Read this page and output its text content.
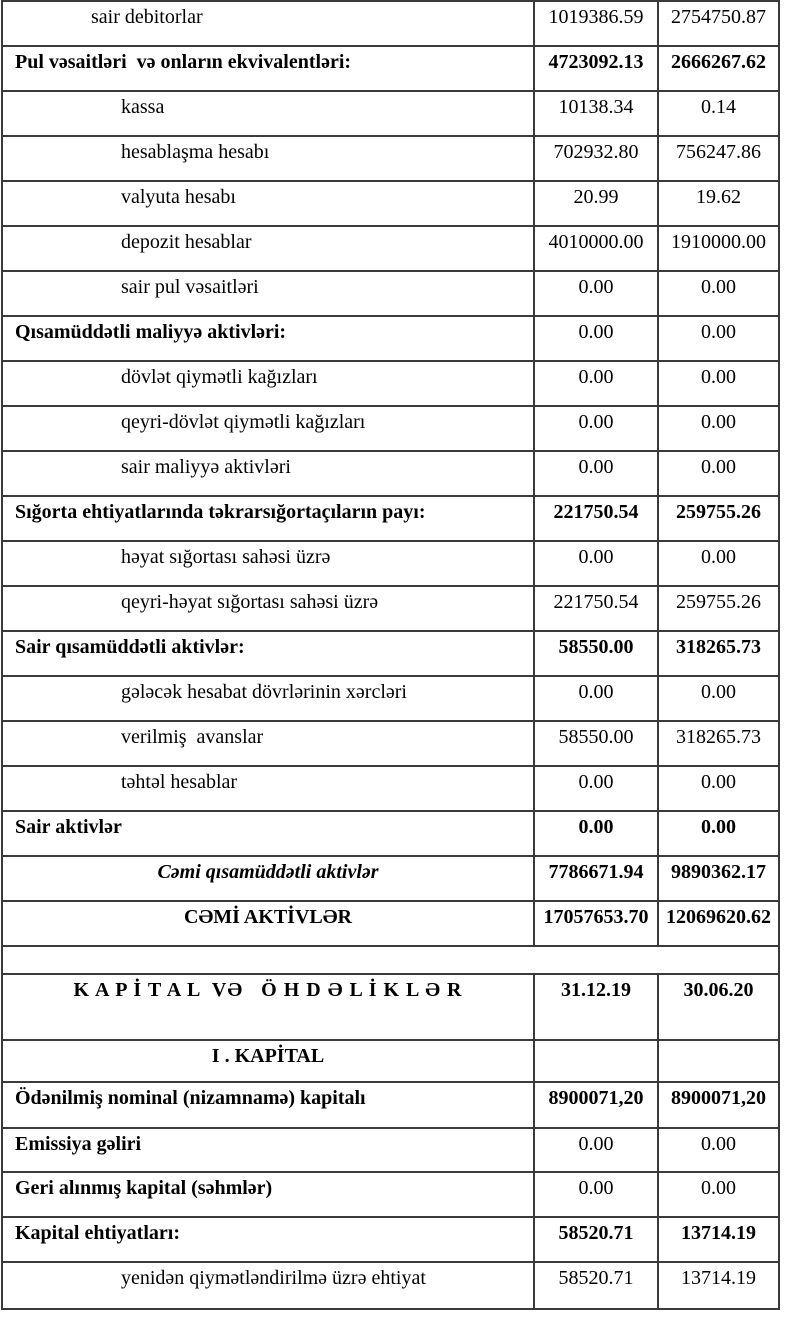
sair debitorlar	1019386.59	2754750.87
Pul vəsaitləri  və onların ekvivalentləri:	4723092.13	2666267.62
kassa	10138.34	0.14
hesablaşma hesabı	702932.80	756247.86
valyuta hesabı	20.99	19.62
depozit hesablar	4010000.00	1910000.00
sair pul vəsaitləri	0.00	0.00
Qısamüddətli maliyyə aktivləri:	0.00	0.00
dövlət qiymətli kağızları	0.00	0.00
qeyri-dövlət qiymətli kağızları	0.00	0.00
sair maliyyə aktivləri	0.00	0.00
Sığorta ehtiyatlarında təkrarsığortaçıların payı:	221750.54	259755.26
həyat sığortası sahəsi üzrə	0.00	0.00
qeyri-həyat sığortası sahəsi üzrə	221750.54	259755.26
Sair qısamüddətli aktivlər:	58550.00	318265.73
gələcək hesabat dövrlərinin xərcləri	0.00	0.00
verilmiş  avanslar	58550.00	318265.73
təhtəl hesablar	0.00	0.00
Sair aktivlər	0.00	0.00
Cəmi qısamüddətli aktivlər	7786671.94	9890362.17
CƏMİ AKTİVLƏR	17057653.70	12069620.62

K A P İ T A L  VƏ   Ö H D Ə L İ K L Ə R	31.12.19	30.06.20
I . KAPİTAL		
Ödənilmiş nominal (nizamnamə) kapitalı	8900071,20	8900071,20
Emissiya gəliri	0.00	0.00
Geri alınmış kapital (səhmlər)	0.00	0.00
Kapital ehtiyatları:	58520.71	13714.19
yenidən qiymətləndirilmə üzrə ehtiyat	58520.71	13714.19
